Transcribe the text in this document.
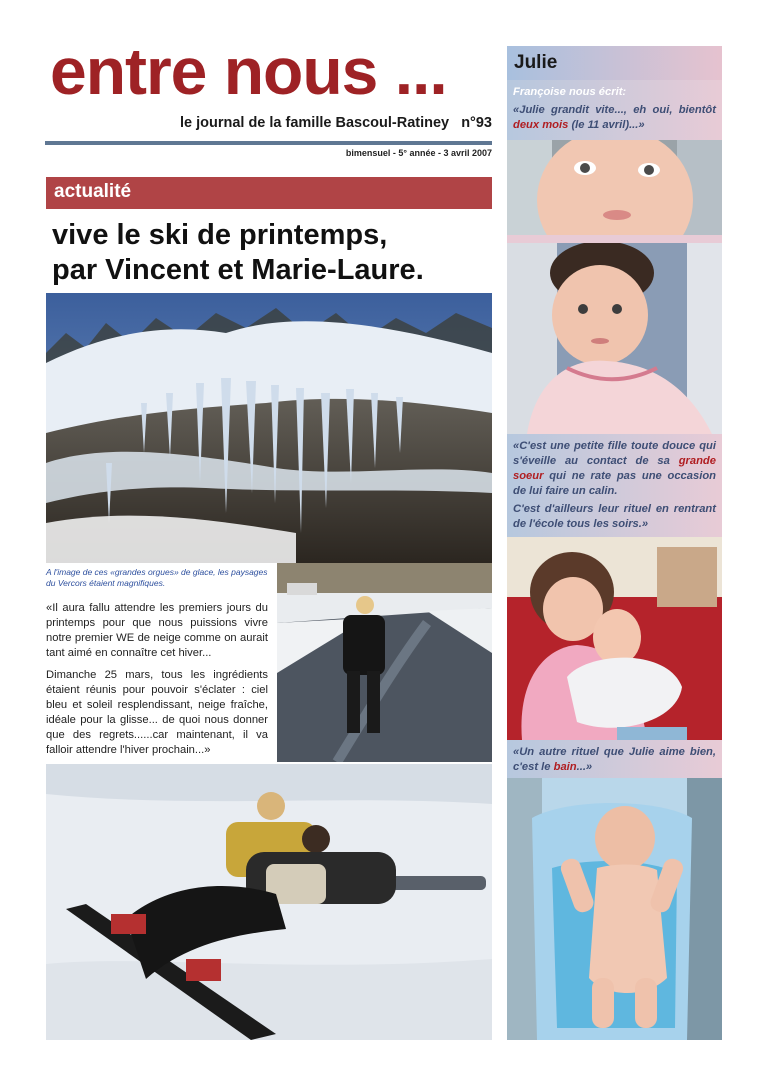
entre nous ...
le journal de la famille Bascoul-Ratiney n°93
bimensuel - 5° année - 3 avril 2007
actualité
vive le ski de printemps,
par Vincent et Marie-Laure.
A l'image de ces «grandes orgues» de glace, les paysages du Vercors étaient magnifiques.

«Il aura fallu attendre les premiers jours du printemps pour que nous puissions vivre notre premier WE de neige comme on aurait tant aimé en connaître cet hiver...

Dimanche 25 mars, tous les ingrédients étaient réunis pour pouvoir s'éclater : ciel bleu et soleil resplendissant, neige fraîche, idéale pour la glisse... de quoi nous donner que des regrets......car maintenant, il va falloir attendre l'hiver prochain...»

Julie

Françoise nous écrit:

«Julie grandit vite..., eh oui, bientôt deux mois (le 11 avril)...»

«C'est une petite fille toute douce qui s'éveille au contact de sa grande soeur qui ne rate pas une occasion de lui faire un calin.

C'est d'ailleurs leur rituel en rentrant de l'école tous les soirs.»

«Un autre rituel que Julie aime bien, c'est le bain...»
